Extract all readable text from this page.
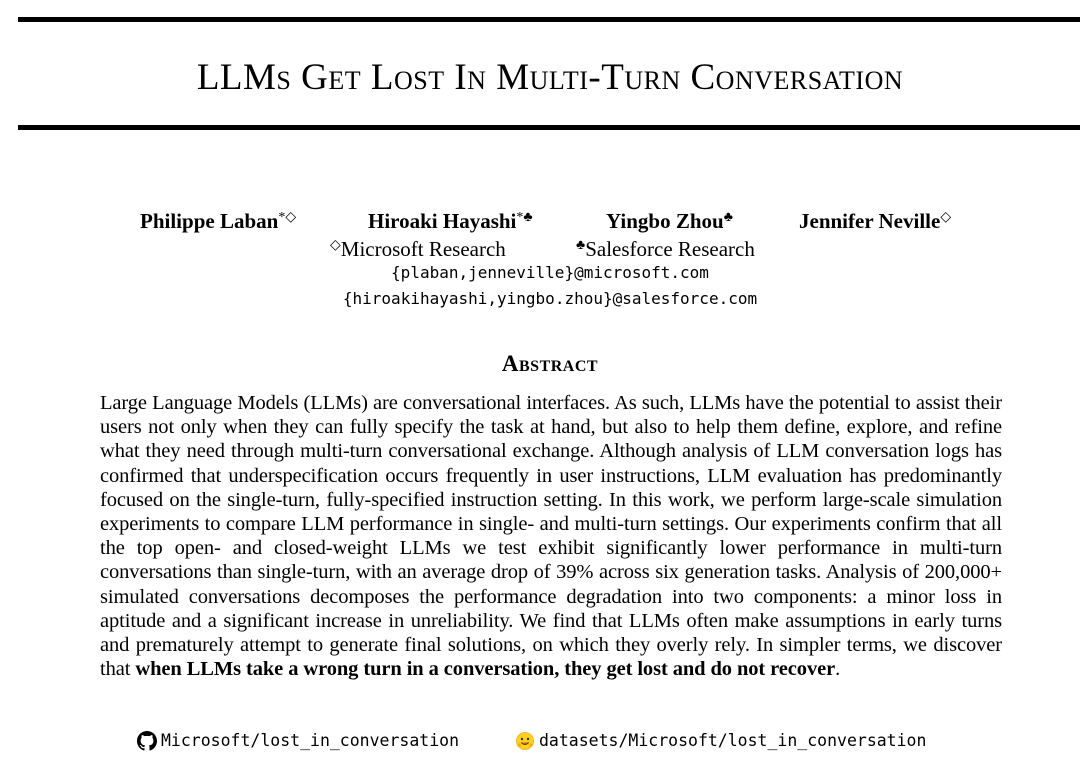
LLMs Get Lost In Multi-Turn Conversation
Philippe Laban*◇	Hiroaki Hayashi*♣	Yingbo Zhou♣	Jennifer Neville◇
◇Microsoft Research	♣Salesforce Research
{plaban,jenneville}@microsoft.com
{hiroakihayashi,yingbo.zhou}@salesforce.com
Abstract
Large Language Models (LLMs) are conversational interfaces. As such, LLMs have the potential to assist their users not only when they can fully specify the task at hand, but also to help them define, explore, and refine what they need through multi-turn conversational exchange. Although analysis of LLM conversation logs has confirmed that underspecification occurs frequently in user instructions, LLM evaluation has predominantly focused on the single-turn, fully-specified instruction setting. In this work, we perform large-scale simulation experiments to compare LLM performance in single- and multi-turn settings. Our experiments confirm that all the top open- and closed-weight LLMs we test exhibit significantly lower performance in multi-turn conversations than single-turn, with an average drop of 39% across six generation tasks. Analysis of 200,000+ simulated conversations decomposes the performance degradation into two components: a minor loss in aptitude and a significant increase in unreliability. We find that LLMs often make assumptions in early turns and prematurely attempt to generate final solutions, on which they overly rely. In simpler terms, we discover that when LLMs take a wrong turn in a conversation, they get lost and do not recover.
Microsoft/lost_in_conversation	datasets/Microsoft/lost_in_conversation
